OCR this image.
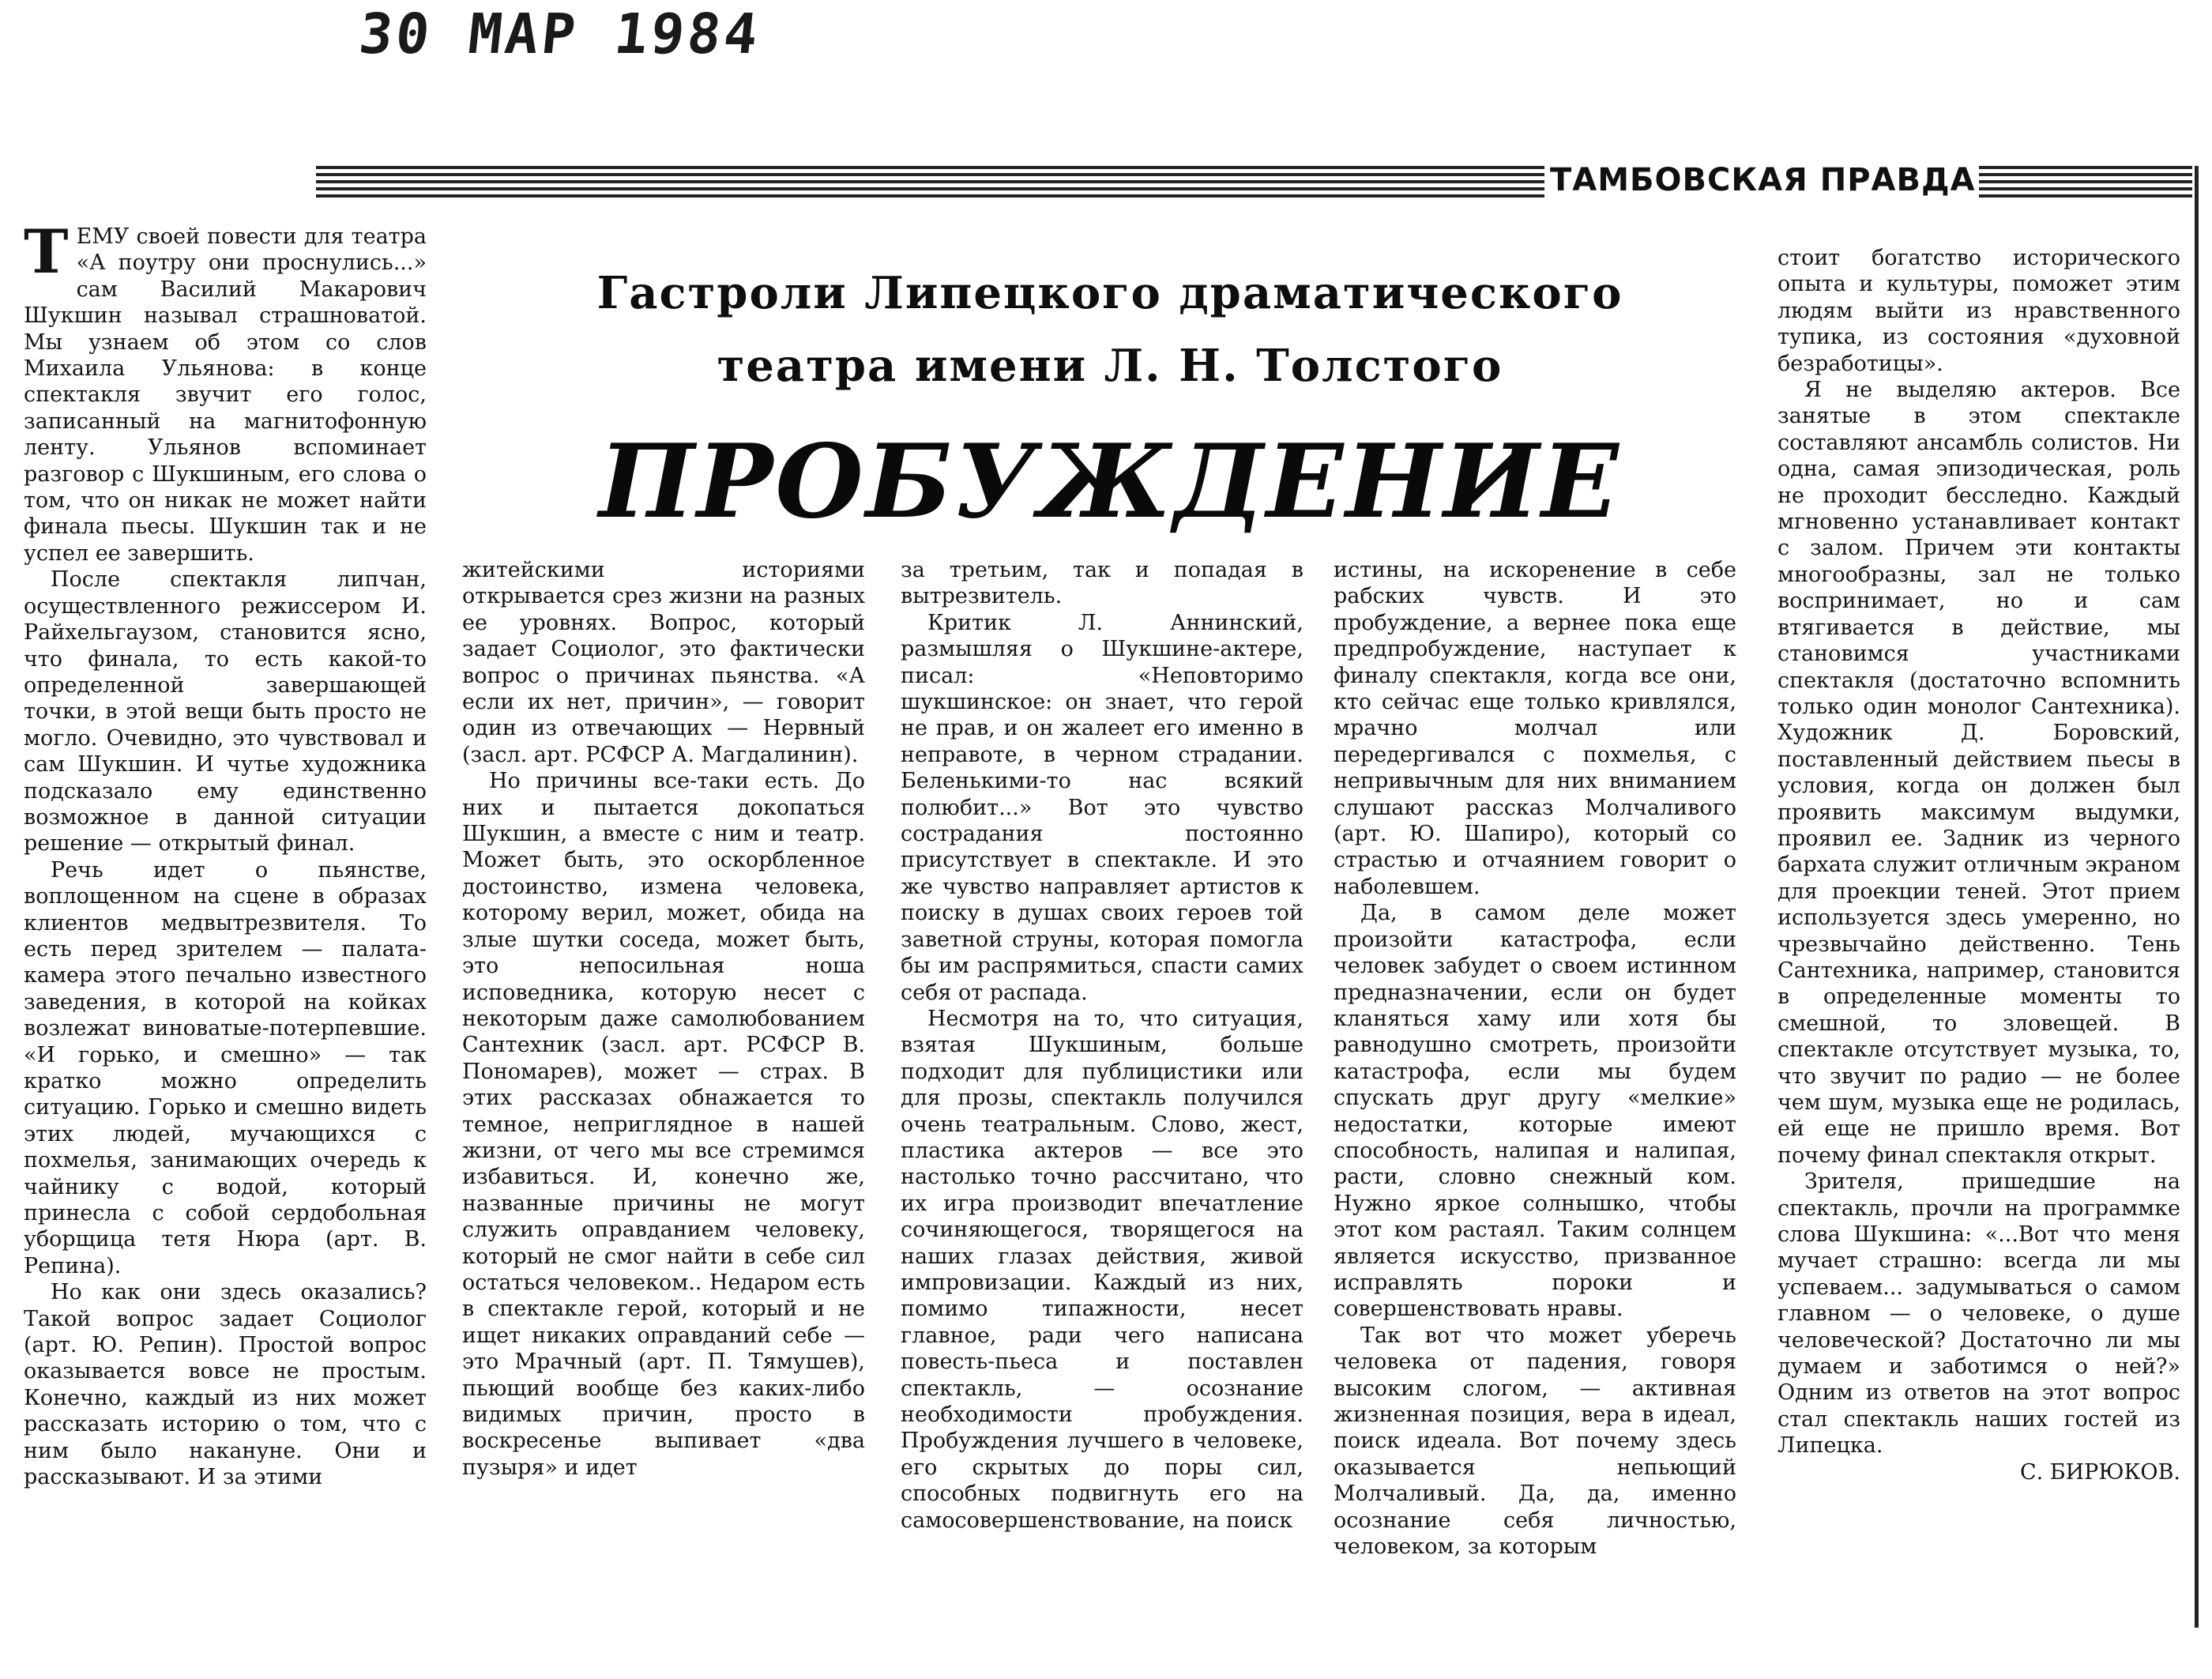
30 МАР 1984
ТАМБОВСКАЯ ПРАВДА
Гастроли Липецкого драматического
театра имени Л. Н. Толстого
ПРОБУЖДЕНИЕ
Т ЕМУ своей повести для театра «А поутру они проснулись...» сам Василий Макарович Шукшин называл страшноватой. Мы узнаем об этом со слов Михаила Ульянова: в конце спектакля звучит его голос, записанный на магнитофонную ленту. Ульянов вспоминает разговор с Шукшиным, его слова о том, что он никак не может найти финала пьесы. Шукшин так и не успел ее завершить.

После спектакля липчан, осуществленного режиссером И. Райхельгаузом, становится ясно, что финала, то есть какой-то определенной завершающей точки, в этой вещи быть просто не могло. Очевидно, это чувствовал и сам Шукшин. И чутье художника подсказало ему единственно возможное в данной ситуации решение — открытый финал.

Речь идет о пьянстве, воплощенном на сцене в образах клиентов медвытрезвителя. То есть перед зрителем — палата-камера этого печально известного заведения, в которой на койках возлежат виноватые-потерпевшие. «И горько, и смешно» — так кратко можно определить ситуацию. Горько и смешно видеть этих людей, мучающихся с похмелья, занимающих очередь к чайнику с водой, который принесла с собой сердобольная уборщица тетя Нюра (арт. В. Репина).

Но как они здесь оказались? Такой вопрос задает Социолог (арт. Ю. Репин). Простой вопрос оказывается вовсе не простым. Конечно, каждый из них может рассказать историю о том, что с ним было накануне. Они и рассказывают. И за этими

житейскими историями открывается срез жизни на разных ее уровнях. Вопрос, который задает Социолог, это фактически вопрос о причинах пьянства. «А если их нет, причин», — говорит один из отвечающих — Нервный (засл. арт. РСФСР А. Магдалинин).

Но причины все-таки есть. До них и пытается докопаться Шукшин, а вместе с ним и театр. Может быть, это оскорбленное достоинство, измена человека, которому верил, может, обида на злые шутки соседа, может быть, это непосильная ноша исповедника, которую несет с некоторым даже самолюбованием Сантехник (засл. арт. РСФСР В. Пономарев), может — страх. В этих рассказах обнажается то темное, неприглядное в нашей жизни, от чего мы все стремимся избавиться. И, конечно же, названные причины не могут служить оправданием человеку, который не смог найти в себе сил остаться человеком.. Недаром есть в спектакле герой, который и не ищет никаких оправданий себе — это Мрачный (арт. П. Тямушев), пьющий вообще без каких-либо видимых причин, просто в воскресенье выпивает «два пузыря» и идет

за третьим, так и попадая в вытрезвитель.

Критик Л. Аннинский, размышляя о Шукшине-актере, писал: «Неповторимо шукшинское: он знает, что герой не прав, и он жалеет его именно в неправоте, в черном страдании. Беленькими-то нас всякий полюбит...» Вот это чувство сострадания постоянно присутствует в спектакле. И это же чувство направляет артистов к поиску в душах своих героев той заветной струны, которая помогла бы им распрямиться, спасти самих себя от распада.

Несмотря на то, что ситуация, взятая Шукшиным, больше подходит для публицистики или для прозы, спектакль получился очень театральным. Слово, жест, пластика актеров — все это настолько точно рассчитано, что их игра производит впечатление сочиняющегося, творящегося на наших глазах действия, живой импровизации. Каждый из них, помимо типажности, несет главное, ради чего написана повесть-пьеса и поставлен спектакль, — осознание необходимости пробуждения. Пробуждения лучшего в человеке, его скрытых до поры сил, способных подвигнуть его на самосовершенствование, на поиск

истины, на искоренение в себе рабских чувств. И это пробуждение, а вернее пока еще предпробуждение, наступает к финалу спектакля, когда все они, кто сейчас еще только кривлялся, мрачно молчал или передергивался с похмелья, с непривычным для них вниманием слушают рассказ Молчаливого (арт. Ю. Шапиро), который со страстью и отчаянием говорит о наболевшем.

Да, в самом деле может произойти катастрофа, если человек забудет о своем истинном предназначении, если он будет кланяться хаму или хотя бы равнодушно смотреть, произойти катастрофа, если мы будем спускать друг другу «мелкие» недостатки, которые имеют способность, налипая и налипая, расти, словно снежный ком. Нужно яркое солнышко, чтобы этот ком растаял. Таким солнцем является искусство, призванное исправлять пороки и совершенствовать нравы.

Так вот что может уберечь человека от падения, говоря высоким слогом, — активная жизненная позиция, вера в идеал, поиск идеала. Вот почему здесь оказывается непьющий Молчаливый. Да, да, именно осознание себя личностью, человеком, за которым

стоит богатство исторического опыта и культуры, поможет этим людям выйти из нравственного тупика, из состояния «духовной безработицы».

Я не выделяю актеров. Все занятые в этом спектакле составляют ансамбль солистов. Ни одна, самая эпизодическая, роль не проходит бесследно. Каждый мгновенно устанавливает контакт с залом. Причем эти контакты многообразны, зал не только воспринимает, но и сам втягивается в действие, мы становимся участниками спектакля (достаточно вспомнить только один монолог Сантехника). Художник Д. Боровский, поставленный действием пьесы в условия, когда он должен был проявить максимум выдумки, проявил ее. Задник из черного бархата служит отличным экраном для проекции теней. Этот прием используется здесь умеренно, но чрезвычайно действенно. Тень Сантехника, например, становится в определенные моменты то смешной, то зловещей. В спектакле отсутствует музыка, то, что звучит по радио — не более чем шум, музыка еще не родилась, ей еще не пришло время. Вот почему финал спектакля открыт.

Зрителя, пришедшие на спектакль, прочли на программке слова Шукшина: «...Вот что меня мучает страшно: всегда ли мы успеваем... задумываться о самом главном — о человеке, о душе человеческой? Достаточно ли мы думаем и заботимся о ней?» Одним из ответов на этот вопрос стал спектакль наших гостей из Липецка.

С. БИРЮКОВ.
